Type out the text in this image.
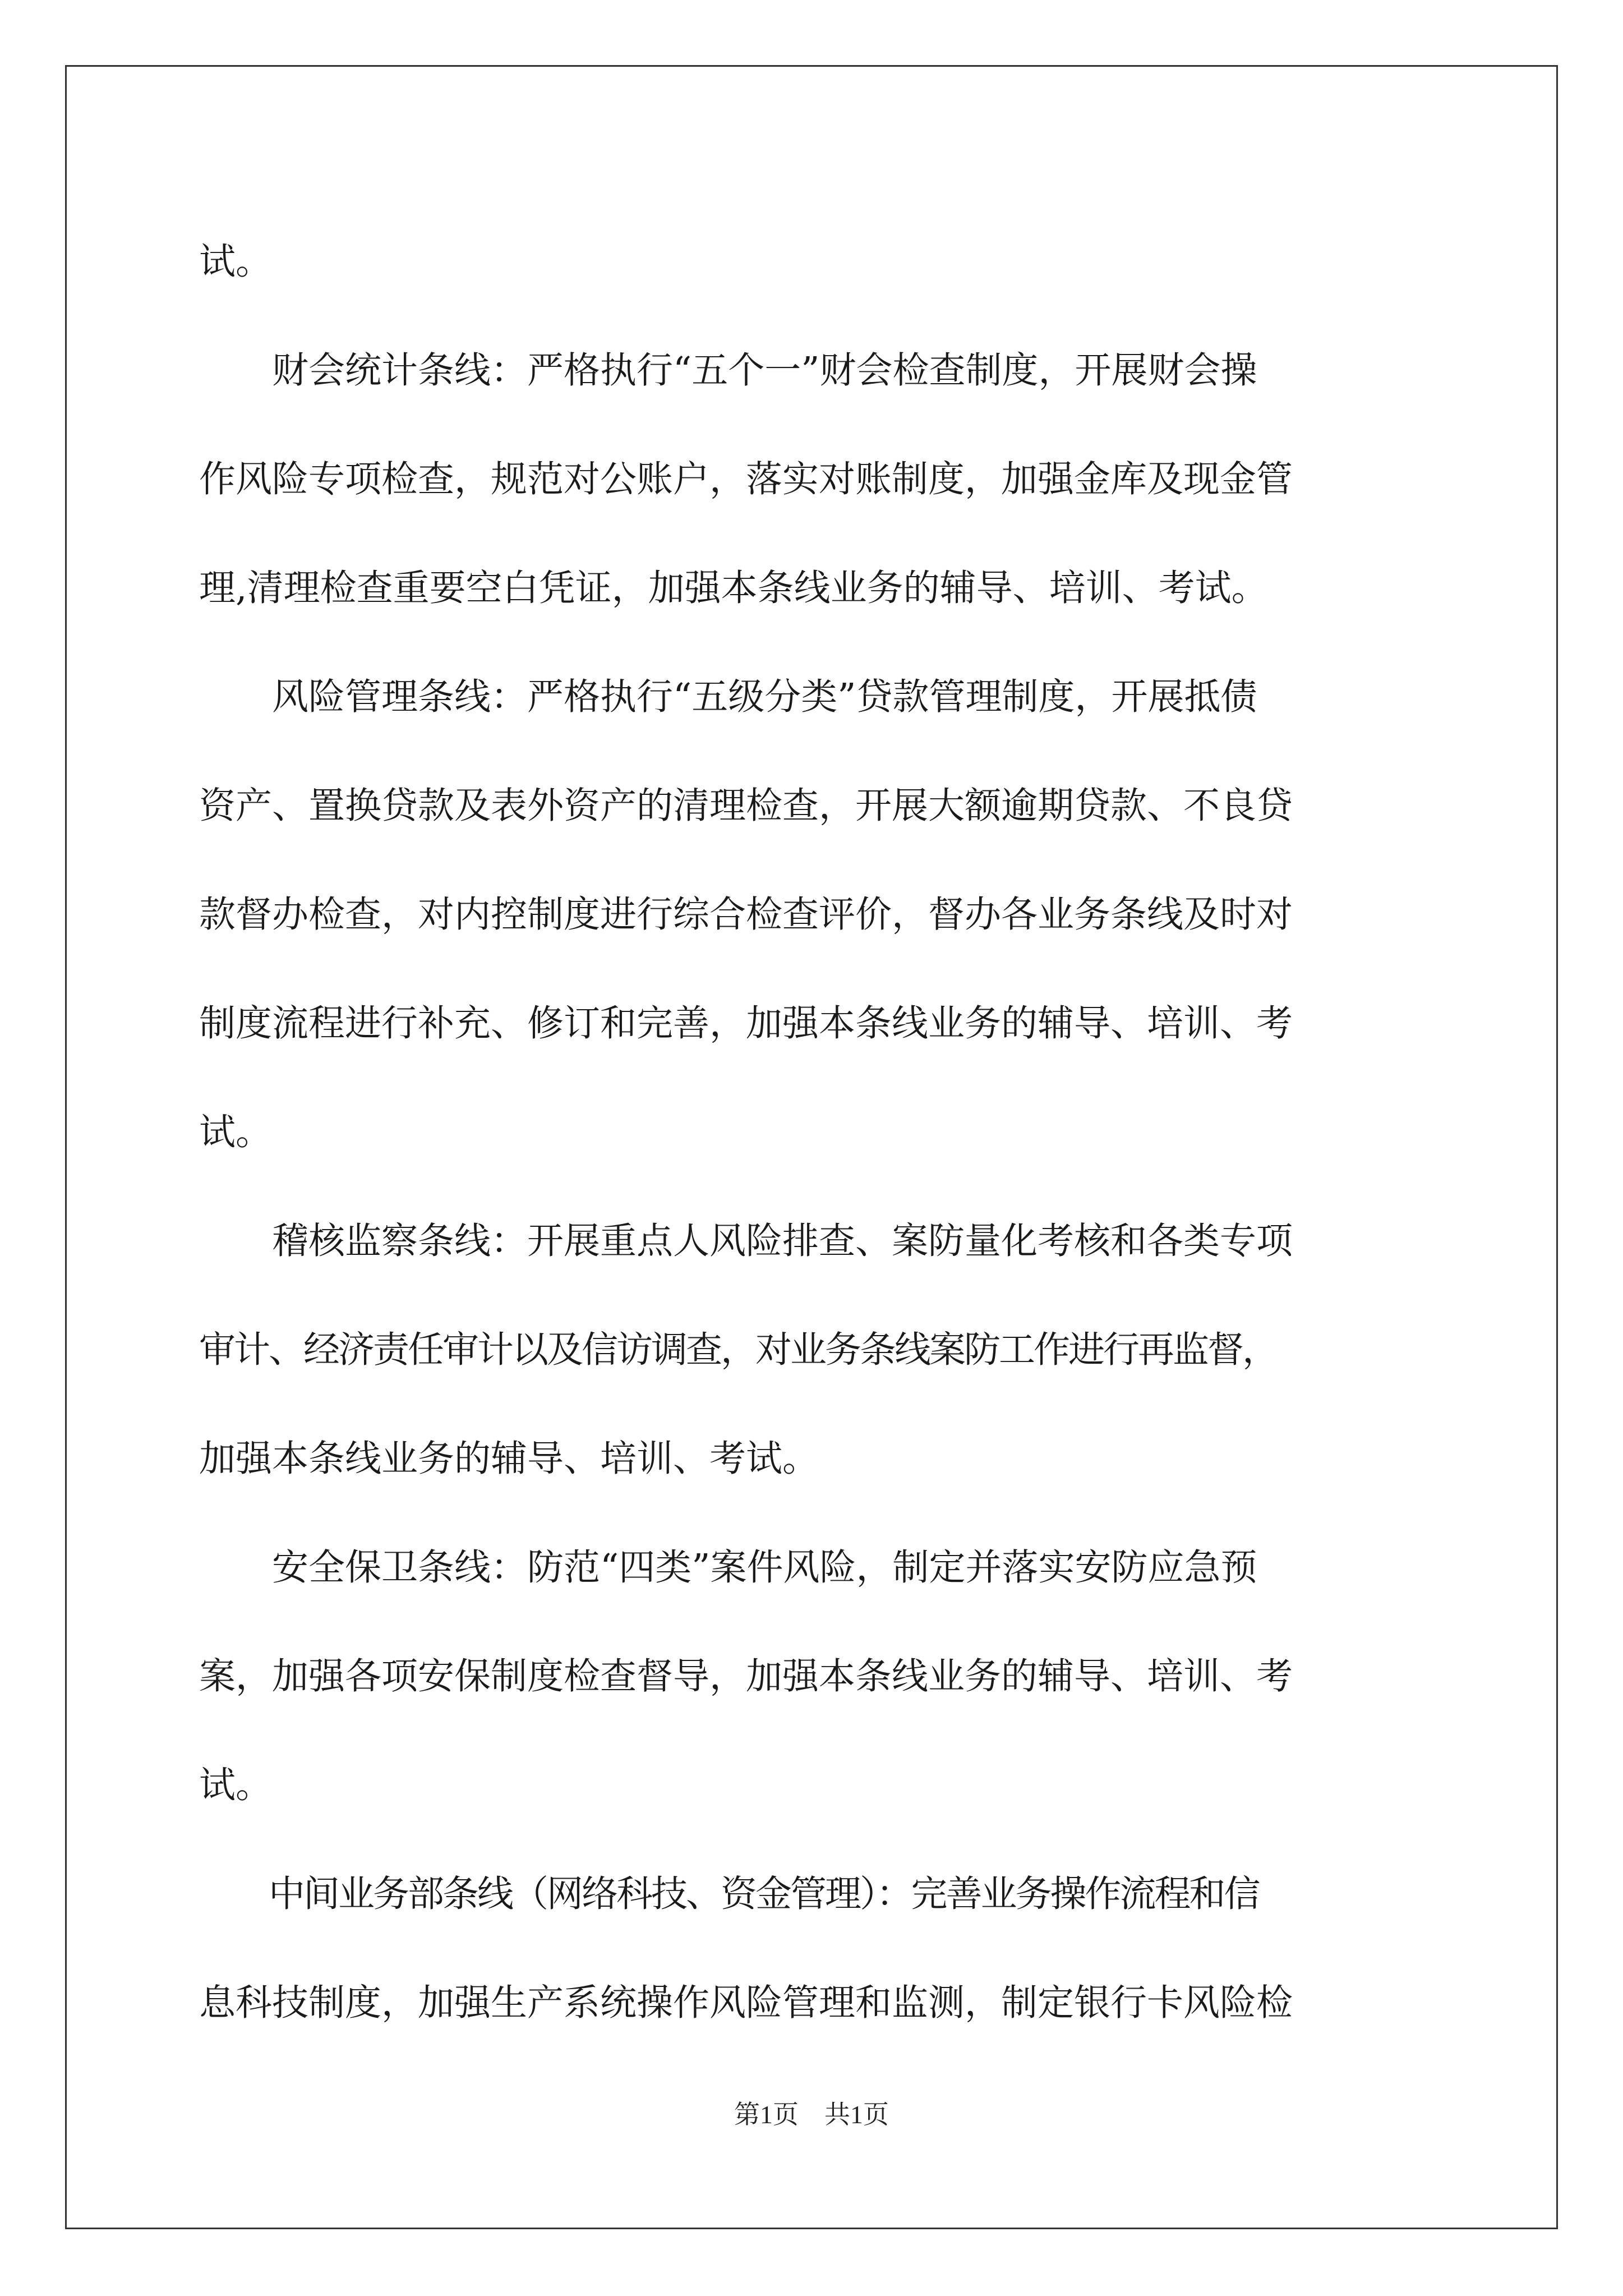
试。
　　财会统计条线：严格执行“五个一”财会检查制度，开展财会操
作风险专项检查，规范对公账户，落实对账制度，加强金库及现金管
理,清理检查重要空白凭证，加强本条线业务的辅导、培训、考试。
　　风险管理条线：严格执行“五级分类”贷款管理制度，开展抵债
资产、置换贷款及表外资产的清理检查，开展大额逾期贷款、不良贷
款督办检查，对内控制度进行综合检查评价，督办各业务条线及时对
制度流程进行补充、修订和完善，加强本条线业务的辅导、培训、考
试。
　　稽核监察条线：开展重点人风险排查、案防量化考核和各类专项
审计、经济责任审计以及信访调查，对业务条线案防工作进行再监督，
加强本条线业务的辅导、培训、考试。
　　安全保卫条线：防范“四类”案件风险，制定并落实安防应急预
案，加强各项安保制度检查督导，加强本条线业务的辅导、培训、考
试。
　　中间业务部条线（网络科技、资金管理）：完善业务操作流程和信
息科技制度，加强生产系统操作风险管理和监测，制定银行卡风险检
第1页　共1页
